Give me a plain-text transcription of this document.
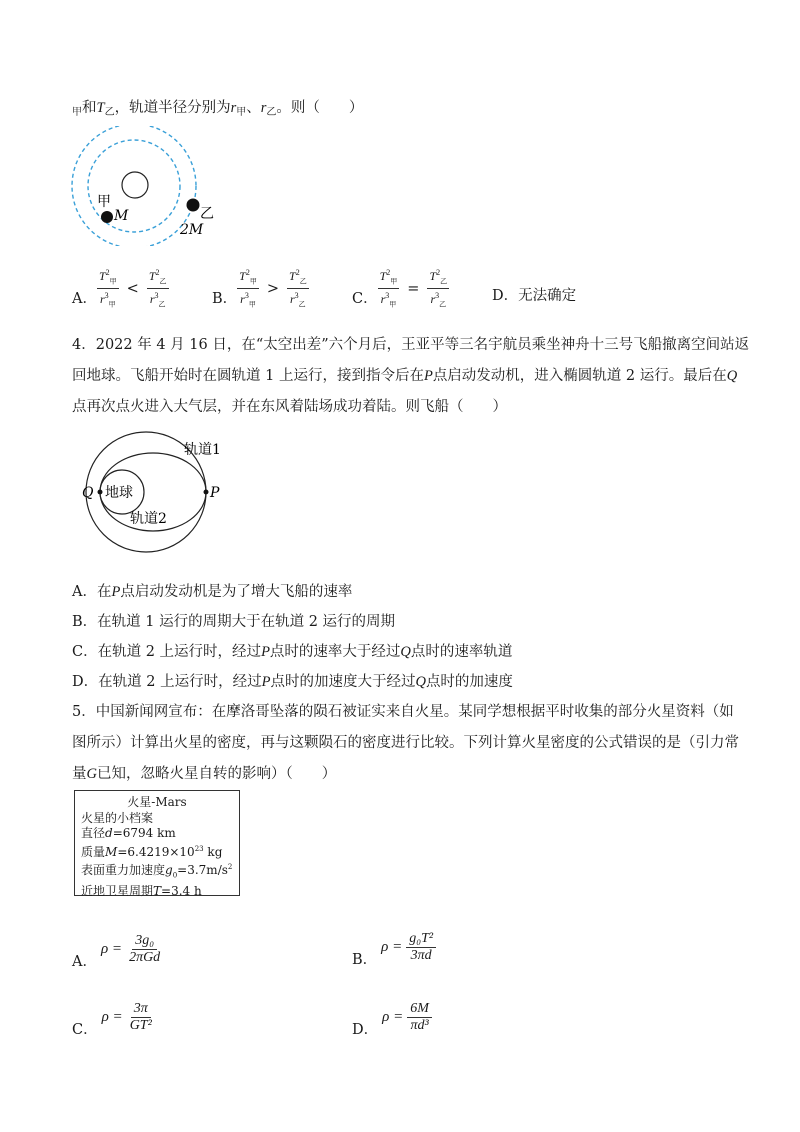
$_甲$和$T_乙$，轨道半径分别为$r_甲$、$r_乙$。则（　　）
甲
M	乙
2M
A． $\frac{T^2_甲}{r^3_甲} < \frac{T^2_乙}{r^3_乙}$	B． $\frac{T^2_甲}{r^3_甲} > \frac{T^2_乙}{r^3_乙}$	C． $\frac{T^2_甲}{r^3_甲} = \frac{T^2_乙}{r^3_乙}$	D．无法确定
4．2022 年 4 月 16 日，在“太空出差”六个月后，王亚平等三名宇航员乘坐神舟十三号飞船撤离空间站返
回地球。飞船开始时在圆轨道 1 上运行，接到指令后在P点启动发动机，进入椭圆轨道 2 运行。最后在Q
点再次点火进入大气层，并在东风着陆场成功着陆。则飞船（　　）
轨道1
轨道2
地球
Q	P
A．在P点启动发动机是为了增大飞船的速率
B．在轨道 1 运行的周期大于在轨道 2 运行的周期
C．在轨道 2 上运行时，经过P点时的速率大于经过Q点时的速率轨道
D．在轨道 2 上运行时，经过P点时的加速度大于经过Q点时的加速度
5．中国新闻网宣布：在摩洛哥坠落的陨石被证实来自火星。某同学想根据平时收集的部分火星资料（如
图所示）计算出火星的密度，再与这颗陨石的密度进行比较。下列计算火星密度的公式错误的是（引力常
量G已知，忽略火星自转的影响）（　　）
火星-Mars
火星的小档案
直径d=6794 km
质量$M=6.4219\times 10^{23}$ kg
表面重力加速度$g_0=3.7m/s^2$
近地卫星周期T=3.4 h
A．
$\rho = \frac{\text{3g₀}}{\text{2πGd}}$	B．
$\rho = \frac{\text{g₀T²}}{3\pi d}$
C．
$\rho = \frac{3\pi}{\text{GT²}}$	D．
$\rho = \frac{6M}{\text{πd³}}$
